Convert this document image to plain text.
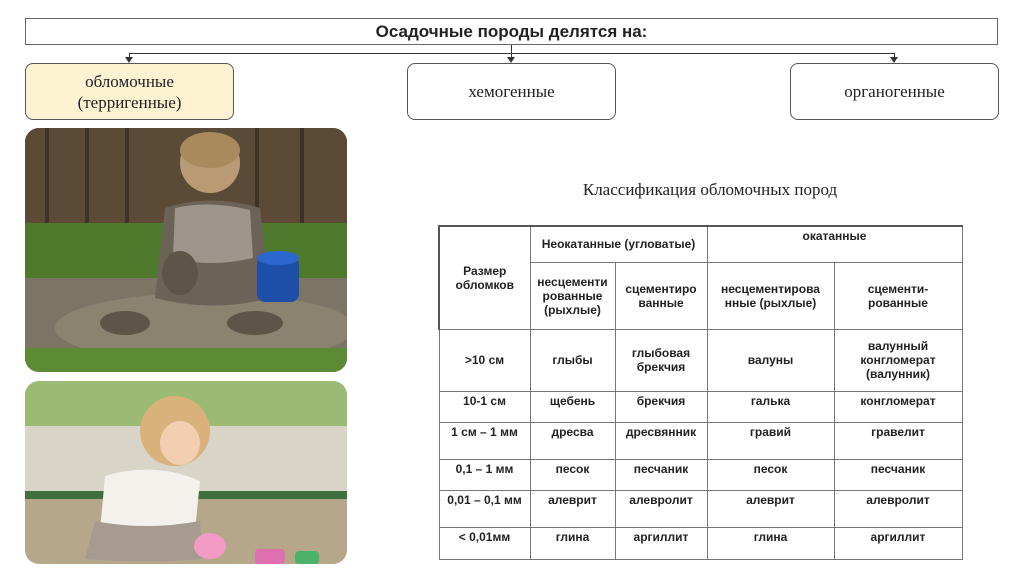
Осадочные породы делятся на:
обломочные
(терригенные)
хемогенные	органогенные
Классификация обломочных пород
Размер обломков	Неокатанные (угловатые)		окатанные	
	несцементи рованные (рыхлые)	сцементиро ванные	несцементирова нные (рыхлые)	сцементи- рованные
>10 см	глыбы	глыбовая брекчия	валуны	валунный конгломерат (валунник)
10-1 см	щебень	брекчия	галька	конгломерат
1 см – 1 мм	дресва	дресвянник	гравий	гравелит
0,1 – 1 мм	песок	песчаник	песок	песчаник
0,01 – 0,1 мм	алеврит	алевролит	алеврит	алевролит
< 0,01мм	глина	аргиллит	глина	аргиллит
